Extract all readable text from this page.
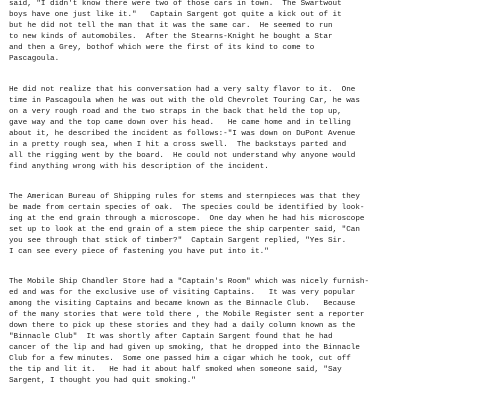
said, "I didn't know there were two of those cars in town.  The Swartwout
boys have one just like it."   Captain Sargent got quite a kick out of it
but he did not tell the man that it was the same car.  He seemed to run
to new kinds of automobiles.  After the Stearns-Knight he bought a Star
and then a Grey, bothof which were the first of its kind to come to
Pascagoula.
He did not realize that his conversation had a very salty flavor to it.  One
time in Pascagoula when he was out with the old Chevrolet Touring Car, he was
on a very rough road and the two straps in the back that held the top up,
gave way and the top came down over his head.   He came home and in telling
about it, he described the incident as follows:-"I was down on DuPont Avenue
in a pretty rough sea, when I hit a cross swell.  The backstays parted and
all the rigging went by the board.  He could not understand why anyone would
find anything wrong with his description of the incident.
The American Bureau of Shipping rules for stems and sternpieces was that they
be made from certain species of oak.  The species could be identified by look-
ing at the end grain through a microscope.  One day when he had his microscope
set up to look at the end grain of a stem piece the ship carpenter said, "Can
you see through that stick of timber?"  Captain Sargent replied, "Yes Sir.
I can see every piece of fastening you have put into it."
The Mobile Ship Chandler Store had a "Captain's Room" which was nicely furnish-
ed and was for the exclusive use of visiting Captains.   It was very popular
among the visiting Captains and became known as the Binnacle Club.   Because
of the many stories that were told there , the Mobile Register sent a reporter
down there to pick up these stories and they had a daily column known as the
"Binnacle Club"  It was shortly after Captain Sargent found that he had
cancer of the lip and had given up smoking, that he dropped into the Binnacle
Club for a few minutes.  Some one passed him a cigar which he took, cut off
the tip and lit it.   He had it about half smoked when someone said, "Say
Sargent, I thought you had quit smoking."
